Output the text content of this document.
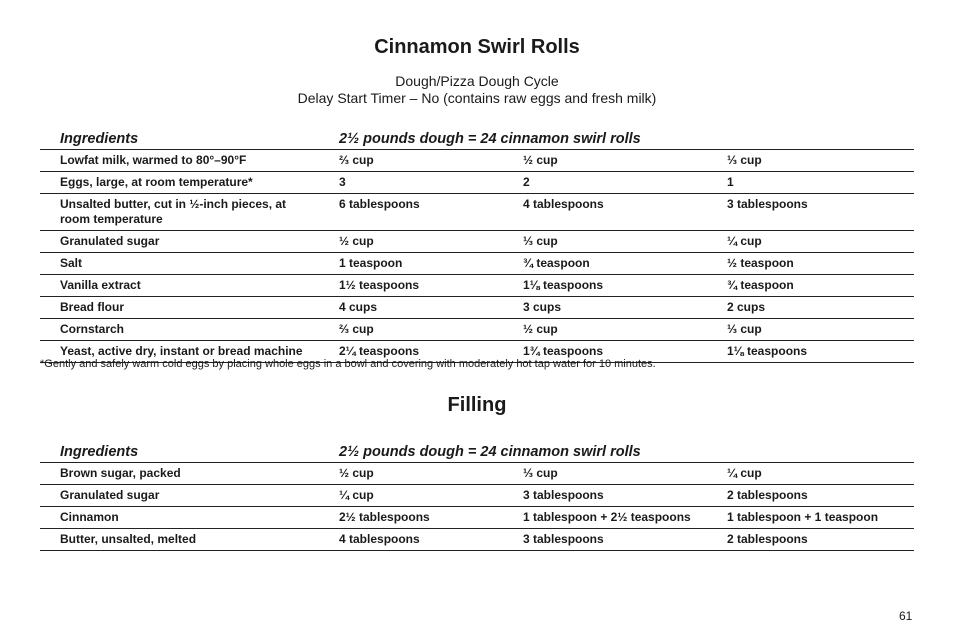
Cinnamon Swirl Rolls
Dough/Pizza Dough Cycle
Delay Start Timer – No (contains raw eggs and fresh milk)
Ingredients	2½ pounds dough = 24 cinnamon swirl rolls		
Lowfat milk, warmed to 80°–90°F	⅔ cup	½ cup	⅓ cup
Eggs, large, at room temperature*	3	2	1
Unsalted butter, cut in ½-inch pieces, at room temperature	6 tablespoons	4 tablespoons	3 tablespoons
Granulated sugar	½ cup	⅓ cup	¼ cup
Salt	1 teaspoon	¾ teaspoon	½ teaspoon
Vanilla extract	1½ teaspoons	1⅛ teaspoons	¾ teaspoon
Bread flour	4 cups	3 cups	2 cups
Cornstarch	⅔ cup	½ cup	⅓ cup
Yeast, active dry, instant or bread machine	2¼ teaspoons	1¾ teaspoons	1⅛ teaspoons
*Gently and safely warm cold eggs by placing whole eggs in a bowl and covering with moderately hot tap water for 10 minutes.
Filling
Ingredients	2½ pounds dough = 24 cinnamon swirl rolls		
Brown sugar, packed	½ cup	⅓ cup	¼ cup
Granulated sugar	¼ cup	3 tablespoons	2 tablespoons
Cinnamon	2½ tablespoons	1 tablespoon + 2½ teaspoons	1 tablespoon + 1 teaspoon
Butter, unsalted, melted	4 tablespoons	3 tablespoons	2 tablespoons
61
